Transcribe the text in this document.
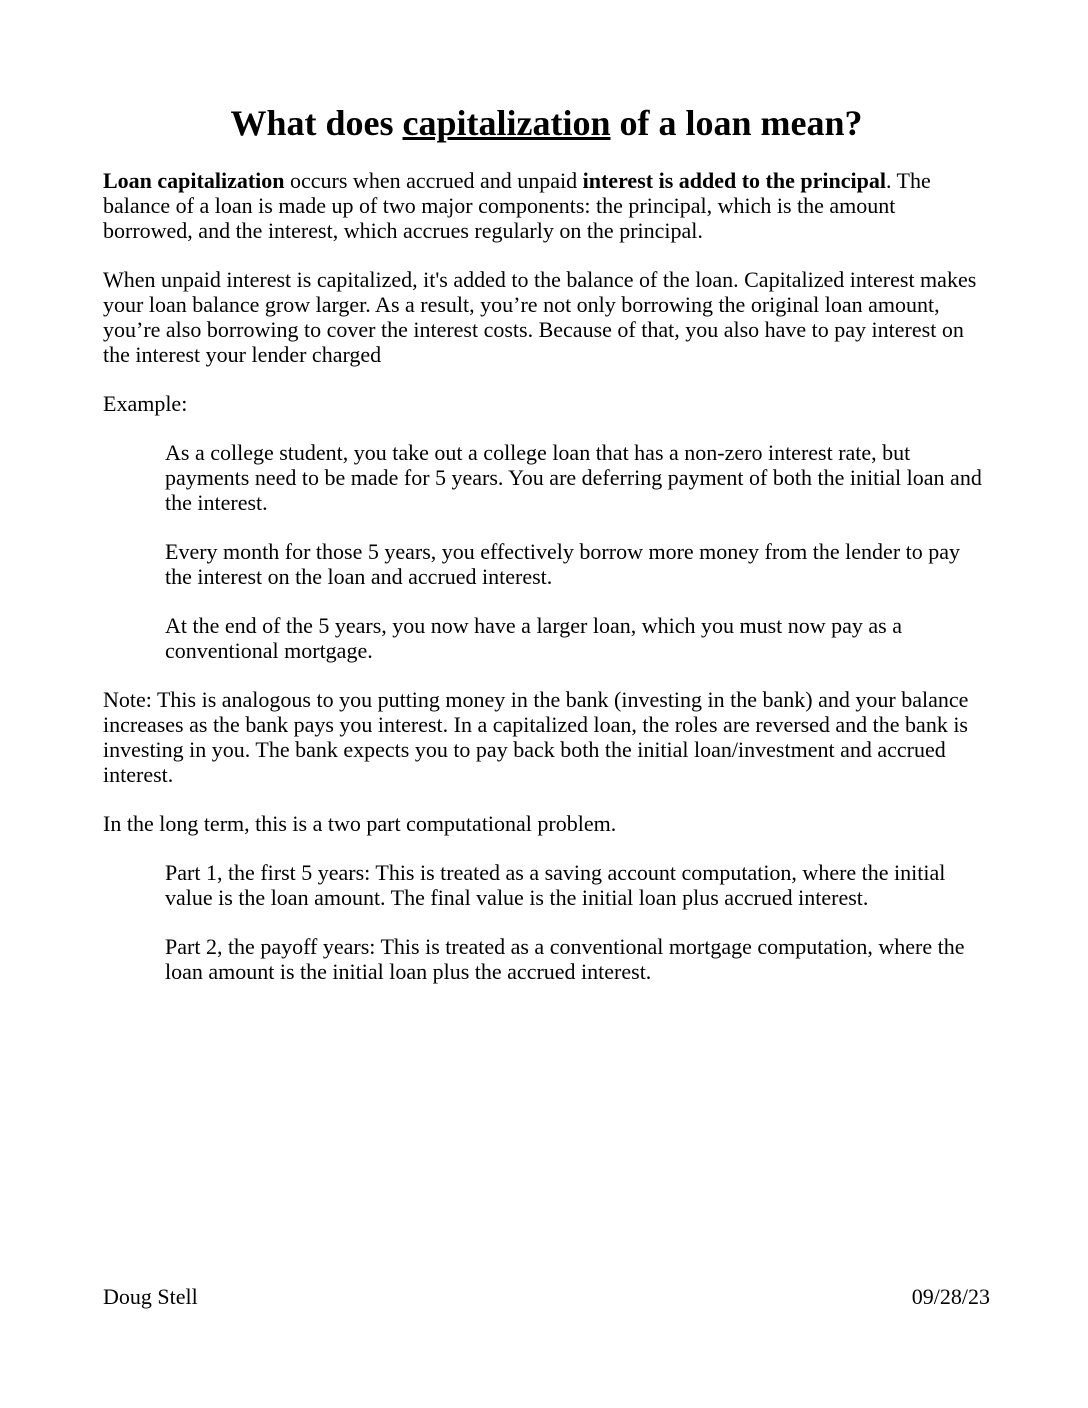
What does capitalization of a loan mean?

Loan capitalization occurs when accrued and unpaid interest is added to the principal. The balance of a loan is made up of two major components: the principal, which is the amount borrowed, and the interest, which accrues regularly on the principal.

When unpaid interest is capitalized, it's added to the balance of the loan. Capitalized interest makes your loan balance grow larger. As a result, you’re not only borrowing the original loan amount, you’re also borrowing to cover the interest costs. Because of that, you also have to pay interest on the interest your lender charged

Example:

As a college student, you take out a college loan that has a non-zero interest rate, but payments need to be made for 5 years. You are deferring payment of both the initial loan and the interest.

Every month for those 5 years, you effectively borrow more money from the lender to pay the interest on the loan and accrued interest.

At the end of the 5 years, you now have a larger loan, which you must now pay as a conventional mortgage.

Note: This is analogous to you putting money in the bank (investing in the bank) and your balance increases as the bank pays you interest. In a capitalized loan, the roles are reversed and the bank is investing in you. The bank expects you to pay back both the initial loan/investment and accrued interest.

In the long term, this is a two part computational problem.

Part 1, the first 5 years: This is treated as a saving account computation, where the initial value is the loan amount. The final value is the initial loan plus accrued interest.

Part 2, the payoff years: This is treated as a conventional mortgage computation, where the loan amount is the initial loan plus the accrued interest.

Doug Stell	09/28/23
